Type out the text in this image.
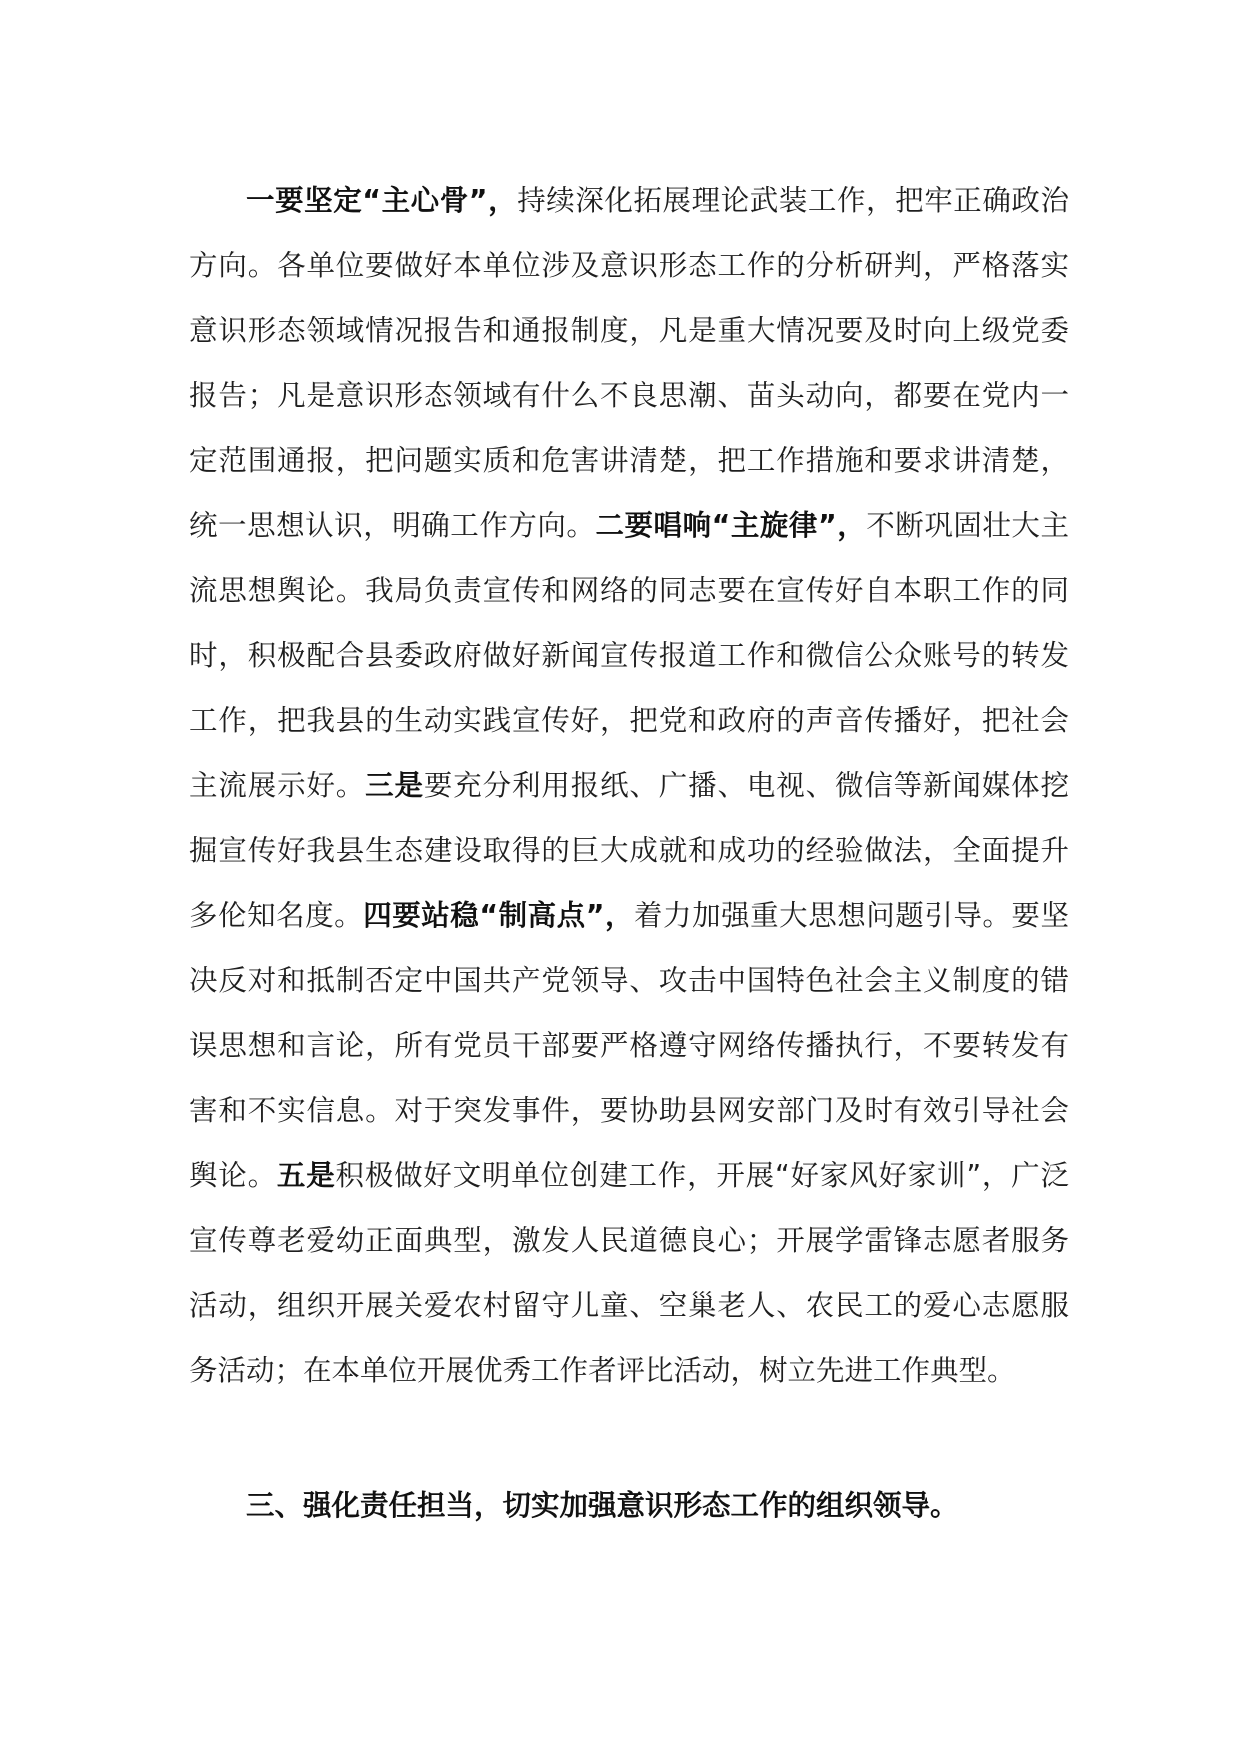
一要坚定“主心骨”，持续深化拓展理论武装工作，把牢正确政治方向。各单位要做好本单位涉及意识形态工作的分析研判，严格落实意识形态领域情况报告和通报制度，凡是重大情况要及时向上级党委报告；凡是意识形态领域有什么不良思潮、苗头动向，都要在党内一定范围通报，把问题实质和危害讲清楚，把工作措施和要求讲清楚，统一思想认识，明确工作方向。二要唱响“主旋律”，不断巩固壮大主流思想舆论。我局负责宣传和网络的同志要在宣传好自本职工作的同时，积极配合县委政府做好新闻宣传报道工作和微信公众账号的转发工作，把我县的生动实践宣传好，把党和政府的声音传播好，把社会主流展示好。三是要充分利用报纸、广播、电视、微信等新闻媒体挖掘宣传好我县生态建设取得的巨大成就和成功的经验做法，全面提升多伦知名度。四要站稳“制高点”，着力加强重大思想问题引导。要坚决反对和抵制否定中国共产党领导、攻击中国特色社会主义制度的错误思想和言论，所有党员干部要严格遵守网络传播执行，不要转发有害和不实信息。对于突发事件，要协助县网安部门及时有效引导社会舆论。五是积极做好文明单位创建工作，开展“好家风好家训”，广泛宣传尊老爱幼正面典型，激发人民道德良心；开展学雷锋志愿者服务活动，组织开展关爱农村留守儿童、空巢老人、农民工的爱心志愿服务活动；在本单位开展优秀工作者评比活动，树立先进工作典型。

三、强化责任担当，切实加强意识形态工作的组织领导。
